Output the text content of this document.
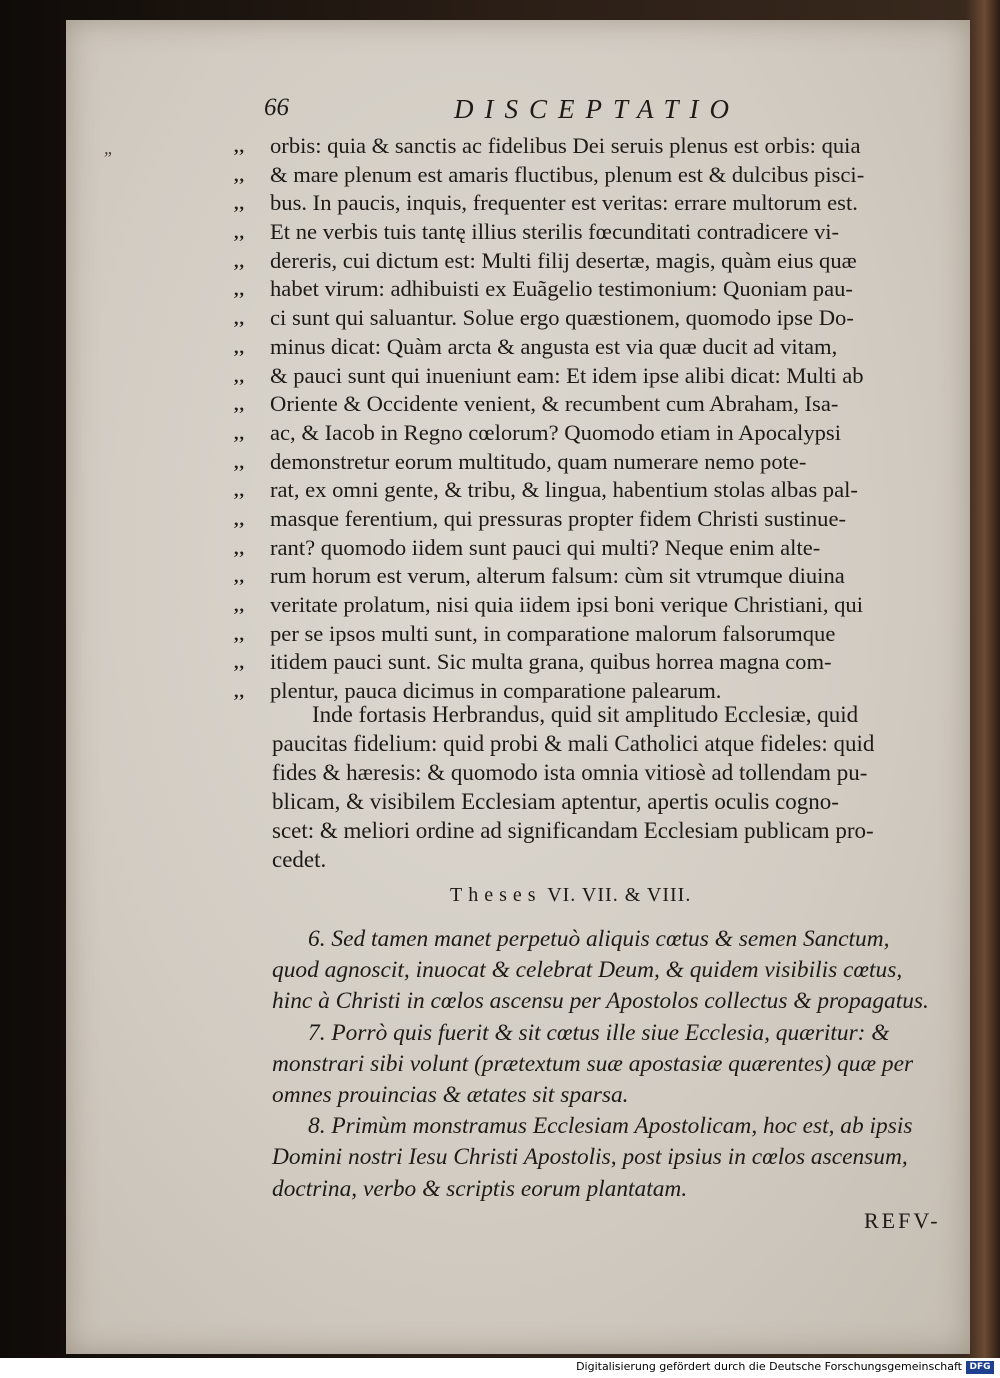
66	DISCEPTATIO
”
,,	orbis: quia & sanctis ac fidelibus Dei seruis plenus est orbis: quia
,,	& mare plenum est amaris fluctibus, plenum est & dulcibus pisci-
,,	bus. In paucis, inquis, frequenter est veritas: errare multorum est.
,,	Et ne verbis tuis tantę illius sterilis fœcunditati contradicere vi-
,,	dereris, cui dictum est: Multi filij desertæ, magis, quàm eius quæ
,,	habet virum: adhibuisti ex Euãgelio testimonium: Quoniam pau-
,,	ci sunt qui saluantur. Solue ergo quæstionem, quomodo ipse Do-
,,	minus dicat: Quàm arcta & angusta est via quæ ducit ad vitam,
,,	& pauci sunt qui inueniunt eam: Et idem ipse alibi dicat: Multi ab
,,	Oriente & Occidente venient, & recumbent cum Abraham, Isa-
,,	ac, & Iacob in Regno cœlorum? Quomodo etiam in Apocalypsi
,,	demonstretur eorum multitudo, quam numerare nemo pote-
,,	rat, ex omni gente, & tribu, & lingua, habentium stolas albas pal-
,,	masque ferentium, qui pressuras propter fidem Christi sustinue-
,,	rant? quomodo iidem sunt pauci qui multi? Neque enim alte-
,,	rum horum est verum, alterum falsum: cùm sit vtrumque diuina
,,	veritate prolatum, nisi quia iidem ipsi boni verique Christiani, qui
,,	per se ipsos multi sunt, in comparatione malorum falsorumque
,,	itidem pauci sunt. Sic multa grana, quibus horrea magna com-
,,	plentur, pauca dicimus in comparatione palearum.
Inde fortasis Herbrandus, quid sit amplitudo Ecclesiæ, quid
paucitas fidelium: quid probi & mali Catholici atque fideles: quid
fides & hæresis: & quomodo ista omnia vitiosè ad tollendam pu-
blicam, & visibilem Ecclesiam aptentur, apertis oculis cogno-
scet: & meliori ordine ad significandam Ecclesiam publicam pro-
cedet.
Theses VI. VII. & VIII.
6. Sed tamen manet perpetuò aliquis cœtus & semen Sanctum,
quod agnoscit, inuocat & celebrat Deum, & quidem visibilis cœtus,
hinc à Christi in cœlos ascensu per Apostolos collectus & propagatus.
7. Porrò quis fuerit & sit cœtus ille siue Ecclesia, quæritur: &
monstrari sibi volunt (prætextum suæ apostasiæ quærentes) quæ per
omnes prouincias & ætates sit sparsa.
8. Primùm monstramus Ecclesiam Apostolicam, hoc est, ab ipsis
Domini nostri Iesu Christi Apostolis, post ipsius in cœlos ascensum,
doctrina, verbo & scriptis eorum plantatam.
REFV-
Digitalisierung gefördert durch die Deutsche Forschungsgemeinschaft DFG
